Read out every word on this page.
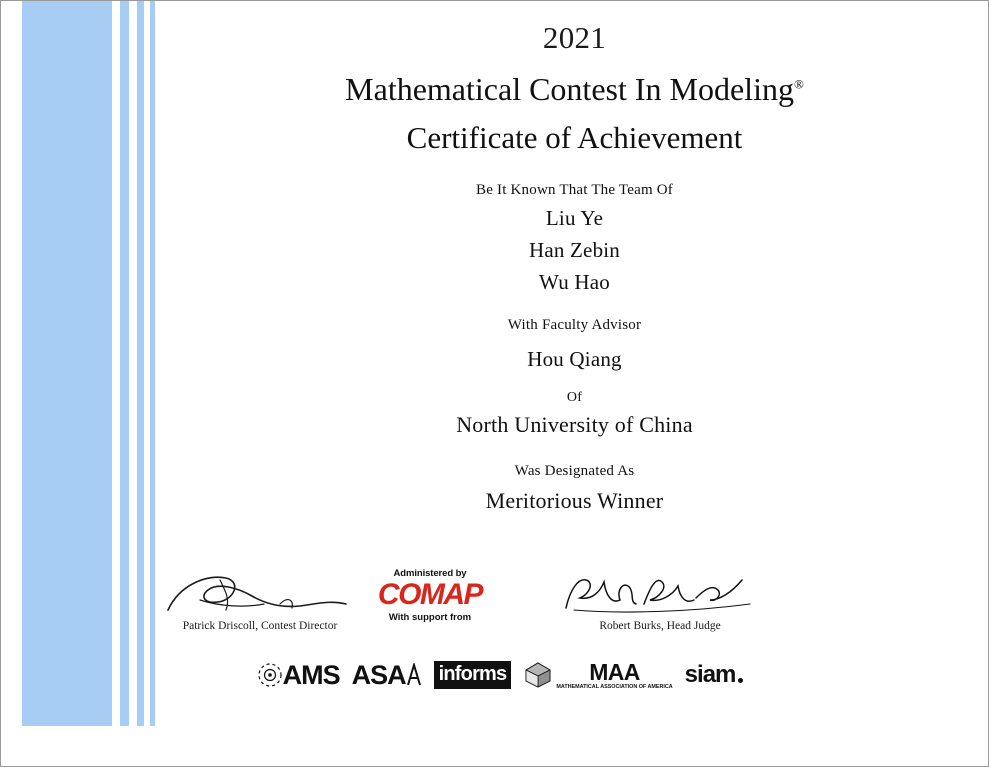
2021
Mathematical Contest In Modeling®
Certificate of Achievement
Be It Known That The Team Of
Liu Ye
Han Zebin
Wu Hao
With Faculty Advisor
Hou Qiang
Of
North University of China
Was Designated As
Meritorious Winner
Patrick Driscoll, Contest Director	Robert Burks, Head Judge
Administered by
COMAP
With support from
AMS ASA informs	MAA
MATHEMATICAL ASSOCIATION OF AMERICA siam
